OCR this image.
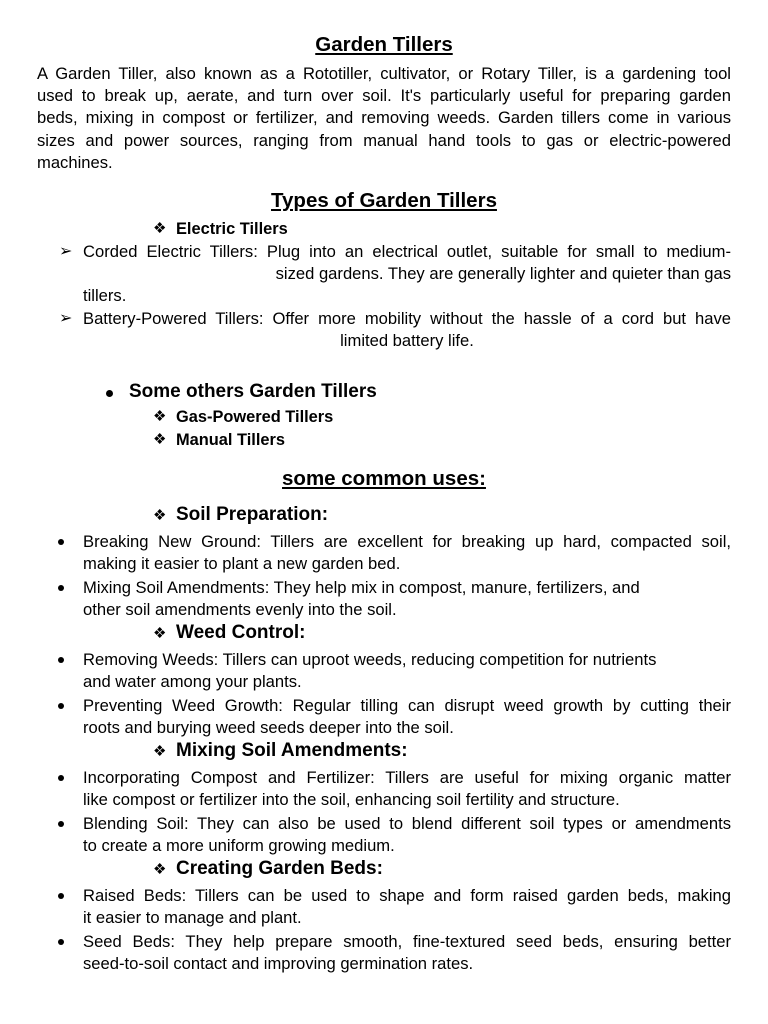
Garden Tillers

A Garden Tiller, also known as a Rototiller, cultivator, or Rotary Tiller, is a gardening tool

used to break up, aerate, and turn over soil. It's particularly useful for preparing garden

beds, mixing in compost or fertilizer, and removing weeds. Garden tillers come in various

sizes and power sources, ranging from manual hand tools to gas or electric-powered

machines.

Types of Garden Tillers

❖ Electric Tillers
➢ Corded Electric Tillers: Plug into an electrical outlet, suitable for small to medium-

sized gardens. They are generally lighter and quieter than gas

tillers.

➢ Battery-Powered Tillers: Offer more mobility without the hassle of a cord but have

limited battery life.

Some others Garden Tillers
❖ Gas-Powered Tillers
❖ Manual Tillers

some common uses:

❖ Soil Preparation:

Breaking New Ground: Tillers are excellent for breaking up hard, compacted soil,

making it easier to plant a new garden bed.

Mixing Soil Amendments: They help mix in compost, manure, fertilizers, and

other soil amendments evenly into the soil.

❖ Weed Control:

Removing Weeds: Tillers can uproot weeds, reducing competition for nutrients

and water among your plants.

Preventing Weed Growth: Regular tilling can disrupt weed growth by cutting their

roots and burying weed seeds deeper into the soil.

❖ Mixing Soil Amendments:

Incorporating Compost and Fertilizer: Tillers are useful for mixing organic matter

like compost or fertilizer into the soil, enhancing soil fertility and structure.

Blending Soil: They can also be used to blend different soil types or amendments

to create a more uniform growing medium.

❖ Creating Garden Beds:

Raised Beds: Tillers can be used to shape and form raised garden beds, making

it easier to manage and plant.

Seed Beds: They help prepare smooth, fine-textured seed beds, ensuring better

seed-to-soil contact and improving germination rates.
